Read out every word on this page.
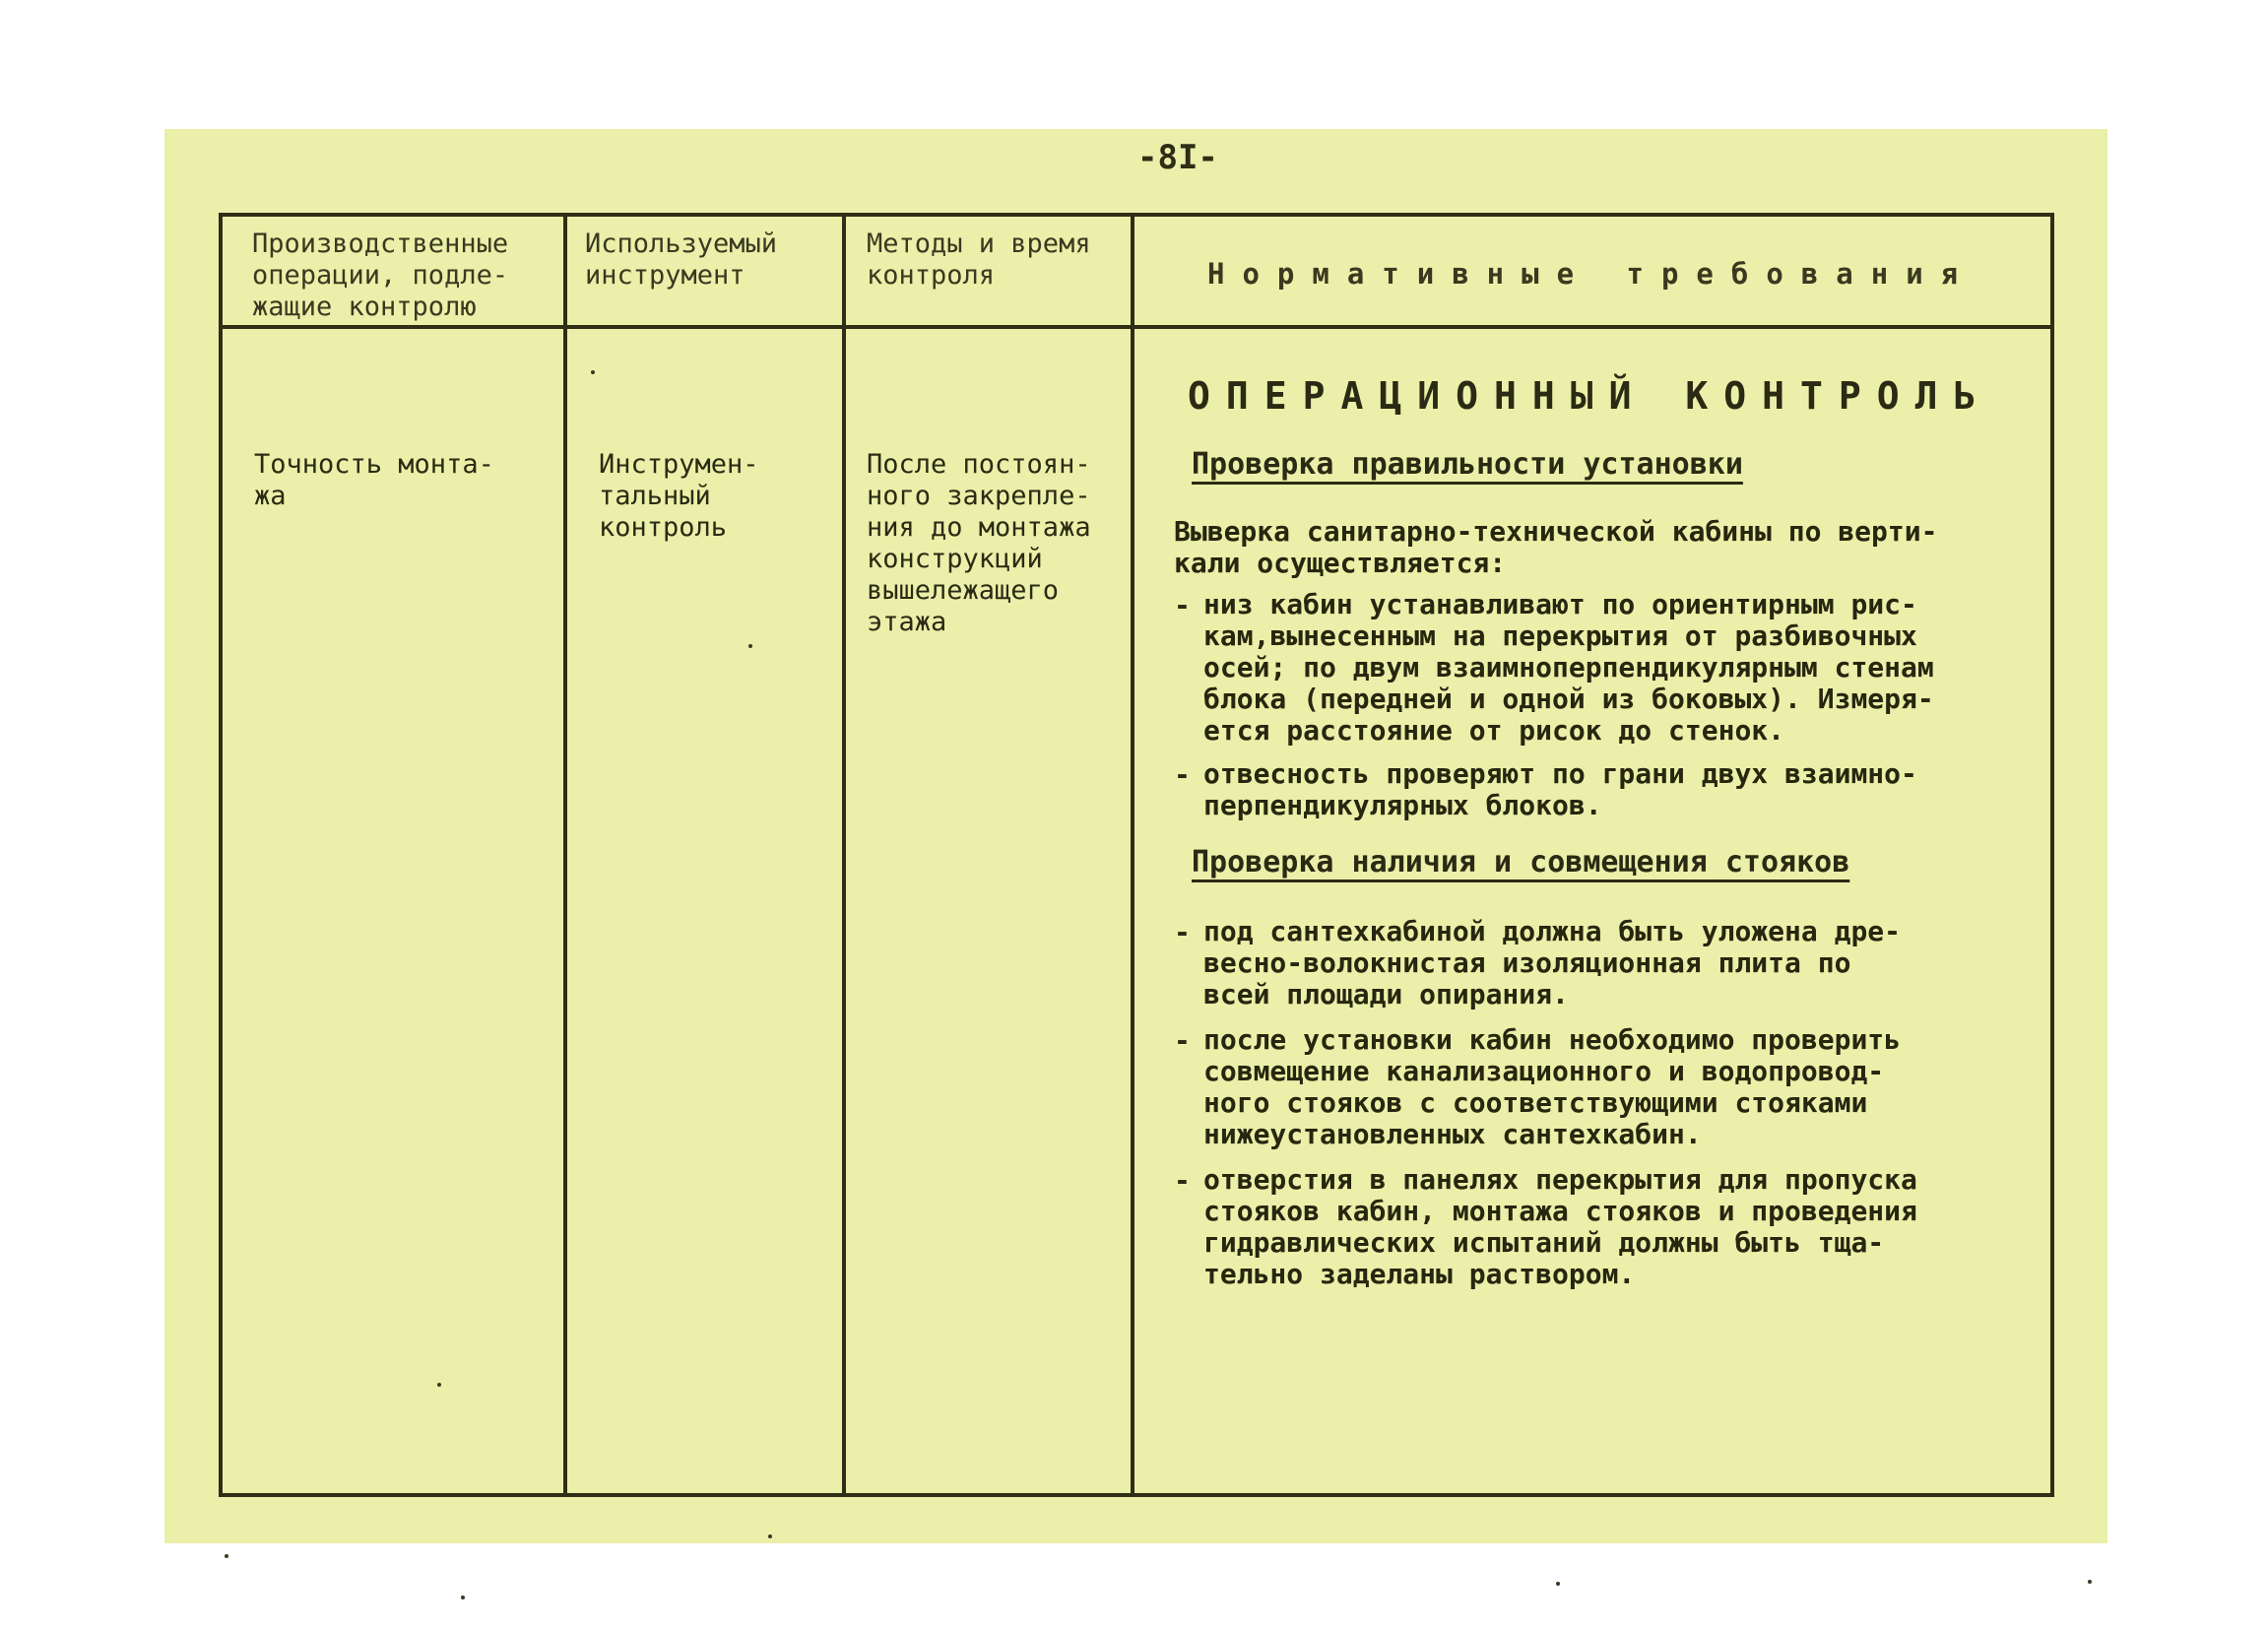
-8I-
Производственные
операции, подле-
жащие контролю
Используемый
инструмент
Методы и время
контроля	Нормативные требования
Точность монта-
жа
Инструмен-
тальный
контроль
После постоян-
ного закрепле-
ния до монтажа
конструкций
вышележащего
этажа
ОПЕРАЦИОННЫЙ КОНТРОЛЬ
Проверка правильности установки
Выверка санитарно-технической кабины по верти-
кали осуществляется:
- низ кабин устанавливают по ориентирным рис-
кам,вынесенным на перекрытия от разбивочных
осей; по двум взаимноперпендикулярным стенам
блока (передней и одной из боковых). Измеря-
ется расстояние от рисок до стенок.
- отвесность проверяют по грани двух взаимно-
перпендикулярных блоков.
Проверка наличия и совмещения стояков
- под сантехкабиной должна быть уложена дре-
весно-волокнистая изоляционная плита по
всей площади опирания.
- после установки кабин необходимо проверить
совмещение канализационного и водопровод-
ного стояков с соответствующими стояками
нижеустановленных сантехкабин.
- отверстия в панелях перекрытия для пропуска
стояков кабин, монтажа стояков и проведения
гидравлических испытаний должны быть тща-
тельно заделаны раствором.
